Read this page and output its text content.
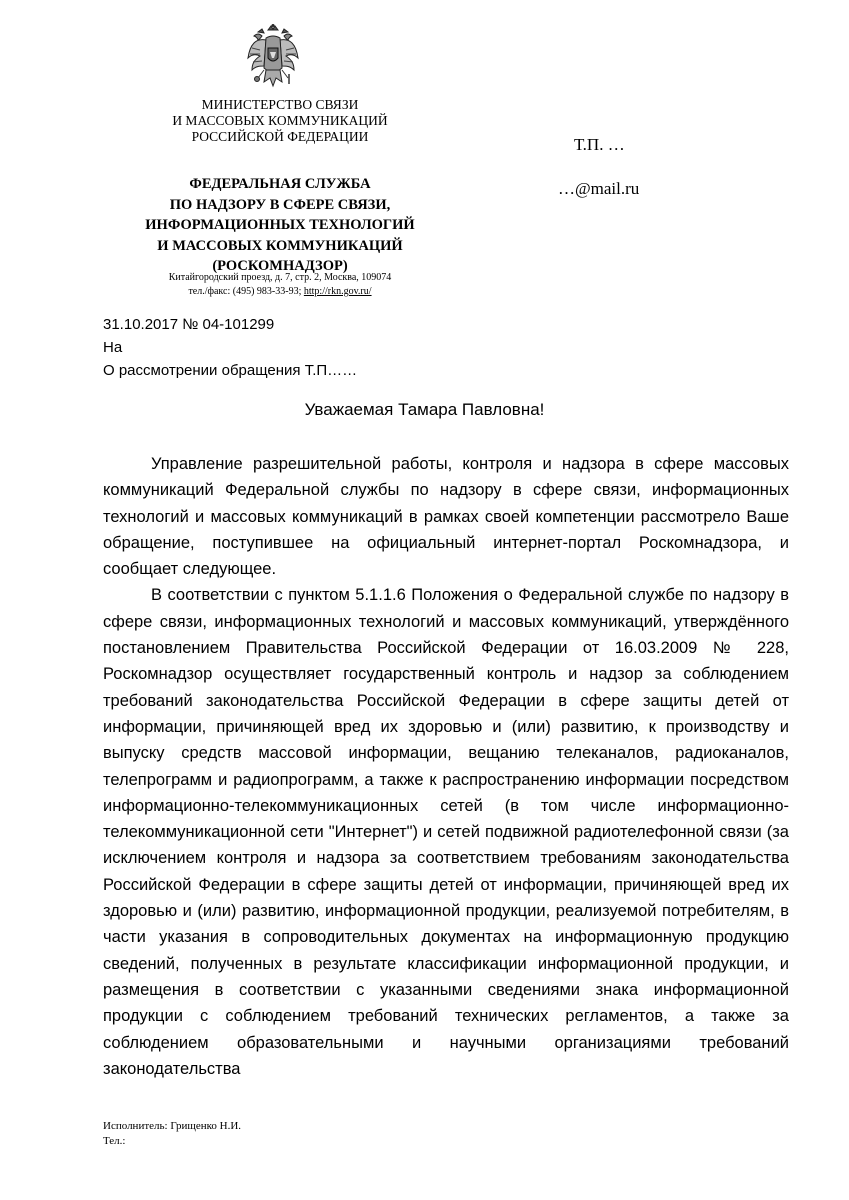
МИНИСТЕРСТВО СВЯЗИ
И МАССОВЫХ КОММУНИКАЦИЙ
РОССИЙСКОЙ ФЕДЕРАЦИИ
ФЕДЕРАЛЬНАЯ СЛУЖБА
ПО НАДЗОРУ В СФЕРЕ СВЯЗИ,
ИНФОРМАЦИОННЫХ ТЕХНОЛОГИЙ
И МАССОВЫХ КОММУНИКАЦИЙ
(РОСКОМНАДЗОР)
Китайгородский проезд, д. 7, стр. 2, Москва, 109074
тел./факс: (495) 983-33-93; http://rkn.gov.ru/
Т.П. …
…@mail.ru
31.10.2017 № 04-101299
На
О рассмотрении обращения Т.П……
Уважаемая Тамара Павловна!

Управление разрешительной работы, контроля и надзора в сфере массовых коммуникаций Федеральной службы по надзору в сфере связи, информационных технологий и массовых коммуникаций в рамках своей компетенции рассмотрело Ваше обращение, поступившее на официальный интернет-портал Роскомнадзора, и сообщает следующее.

В соответствии с пунктом 5.1.1.6 Положения о Федеральной службе по надзору в сфере связи, информационных технологий и массовых коммуникаций, утверждённого постановлением Правительства Российской Федерации от 16.03.2009 № 228, Роскомнадзор осуществляет государственный контроль и надзор за соблюдением требований законодательства Российской Федерации в сфере защиты детей от информации, причиняющей вред их здоровью и (или) развитию, к производству и выпуску средств массовой информации, вещанию телеканалов, радиоканалов, телепрограмм и радиопрограмм, а также к распространению информации посредством информационно-телекоммуникационных сетей (в том числе информационно-телекоммуникационной сети "Интернет") и сетей подвижной радиотелефонной связи (за исключением контроля и надзора за соответствием требованиям законодательства Российской Федерации в сфере защиты детей от информации, причиняющей вред их здоровью и (или) развитию, информационной продукции, реализуемой потребителям, в части указания в сопроводительных документах на информационную продукцию сведений, полученных в результате классификации информационной продукции, и размещения в соответствии с указанными сведениями знака информационной продукции с соблюдением требований технических регламентов, а также за соблюдением образовательными и научными организациями требований законодательства

Исполнитель: Грищенко Н.И.
Тел.:
